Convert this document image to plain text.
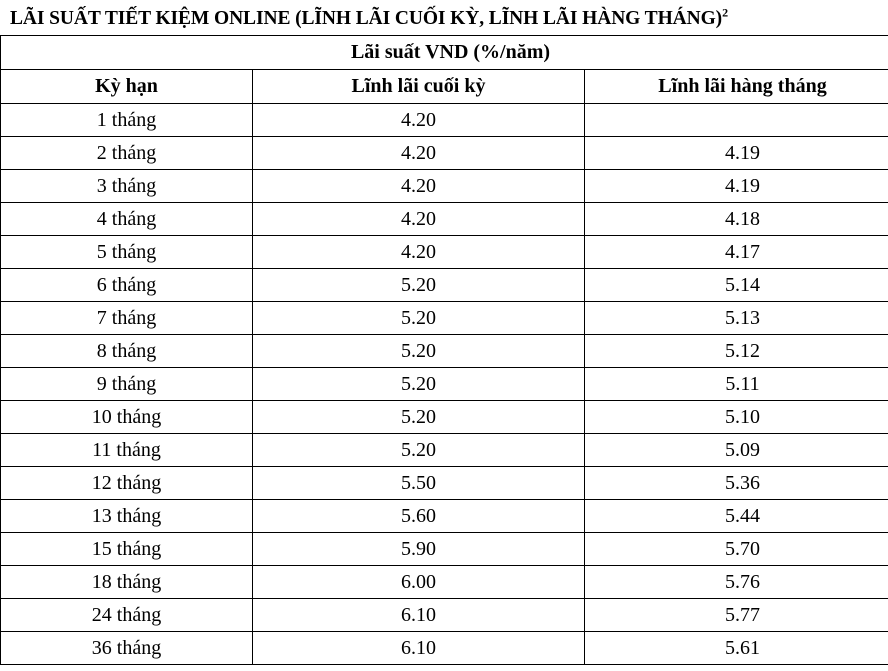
LÃI SUẤT TIẾT KIỆM ONLINE (LĨNH LÃI CUỐI KỲ, LĨNH LÃI HÀNG THÁNG)$^2$
Lãi suất VND (%/năm)		
Kỳ hạn	Lĩnh lãi cuối kỳ	Lĩnh lãi hàng tháng
1 tháng	4.20	
2 tháng	4.20	4.19
3 tháng	4.20	4.19
4 tháng	4.20	4.18
5 tháng	4.20	4.17
6 tháng	5.20	5.14
7 tháng	5.20	5.13
8 tháng	5.20	5.12
9 tháng	5.20	5.11
10 tháng	5.20	5.10
11 tháng	5.20	5.09
12 tháng	5.50	5.36
13 tháng	5.60	5.44
15 tháng	5.90	5.70
18 tháng	6.00	5.76
24 tháng	6.10	5.77
36 tháng	6.10	5.61
